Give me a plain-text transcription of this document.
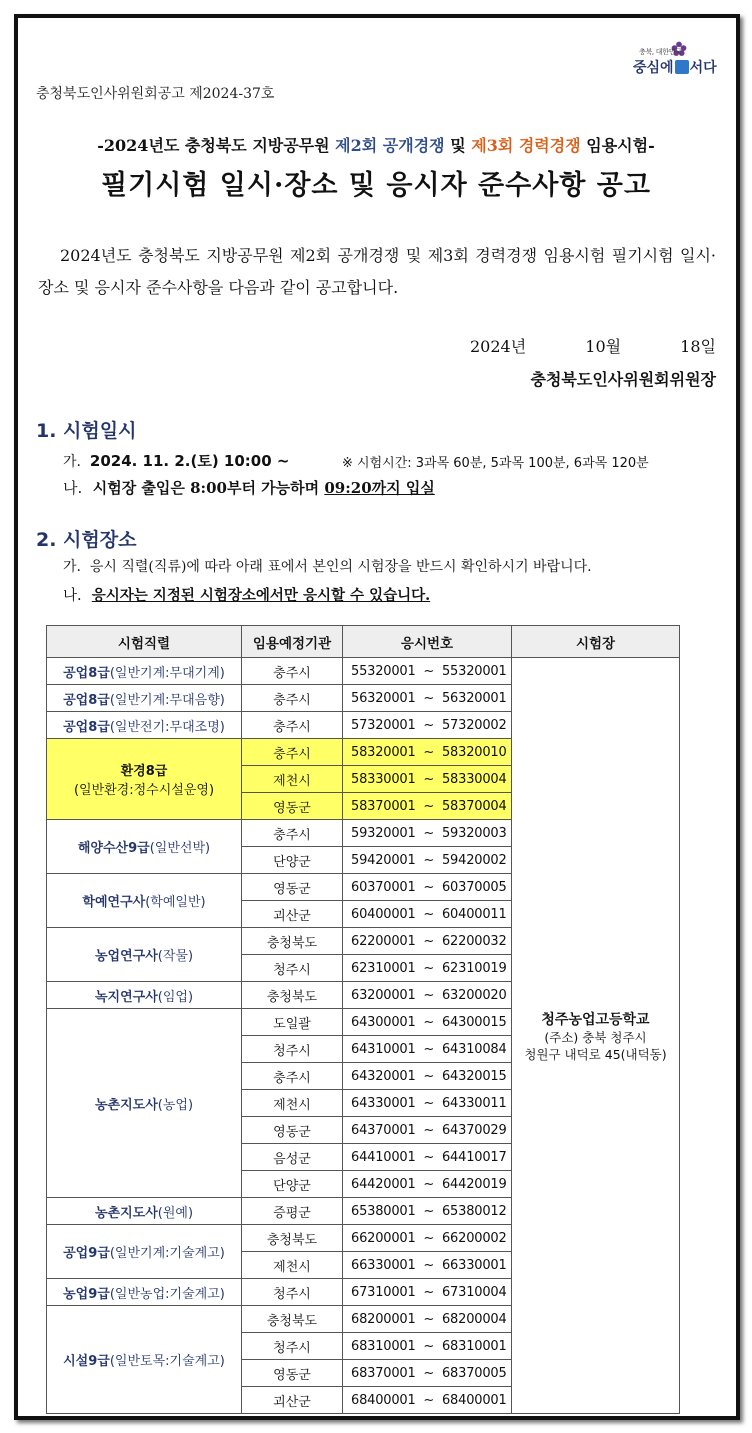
충청북도인사위원회공고 제2024-37호
충북, 대한민국
중심에 서다
-2024년도 충청북도 지방공무원 제2회 공개경쟁 및 제3회 경력경쟁 임용시험-
필기시험 일시·장소 및 응시자 준수사항 공고
2024년도 충청북도 지방공무원 제2회 공개경쟁 및 제3회 경력경쟁 임용시험 필기시험 일시·장소 및 응시자 준수사항을 다음과 같이 공고합니다.
2024년	10월	18일
충청북도인사위원회위원장
1. 시험일시
가. 2024. 11. 2.(토) 10:00 ~	※ 시험시간: 3과목 60분, 5과목 100분, 6과목 120분
나. 시험장 출입은 8:00부터 가능하며 09:20까지 입실
2. 시험장소
가. 응시 직렬(직류)에 따라 아래 표에서 본인의 시험장을 반드시 확인하시기 바랍니다.
나. 응시자는 지정된 시험장소에서만 응시할 수 있습니다.
시험직렬	임용예정기관	응시번호	시험장
공업8급(일반기계:무대기계)	충주시	55320001  ~  55320001	청주농업고등학교
(주소) 충북 청주시
청원구 내덕로 45(내덕동)

공업8급(일반기계:무대음향)	충주시	56320001  ~  56320001	
공업8급(일반전기:무대조명)	충주시	57320001  ~  57320002	
환경8급
(일반환경:정수시설운영)	충주시	58320001  ~  58320010	
	제천시	58330001  ~  58330004	
	영동군	58370001  ~  58370004	
해양수산9급(일반선박)	충주시	59320001  ~  59320003	
	단양군	59420001  ~  59420002	
학예연구사(학예일반)	영동군	60370001  ~  60370005	
	괴산군	60400001  ~  60400011	
농업연구사(작물)	충청북도	62200001  ~  62200032	
	청주시	62310001  ~  62310019	
녹지연구사(임업)	충청북도	63200001  ~  63200020	
농촌지도사(농업)	도일괄	64300001  ~  64300015	
	청주시	64310001  ~  64310084	
	충주시	64320001  ~  64320015	
	제천시	64330001  ~  64330011	
	영동군	64370001  ~  64370029	
	음성군	64410001  ~  64410017	
	단양군	64420001  ~  64420019	
농촌지도사(원예)	증평군	65380001  ~  65380012	
공업9급(일반기계:기술계고)	충청북도	66200001  ~  66200002	
	제천시	66330001  ~  66330001	
농업9급(일반농업:기술계고)	청주시	67310001  ~  67310004	
시설9급(일반토목:기술계고)	충청북도	68200001  ~  68200004	
	청주시	68310001  ~  68310001	
	영동군	68370001  ~  68370005	
	괴산군	68400001  ~  68400001	
